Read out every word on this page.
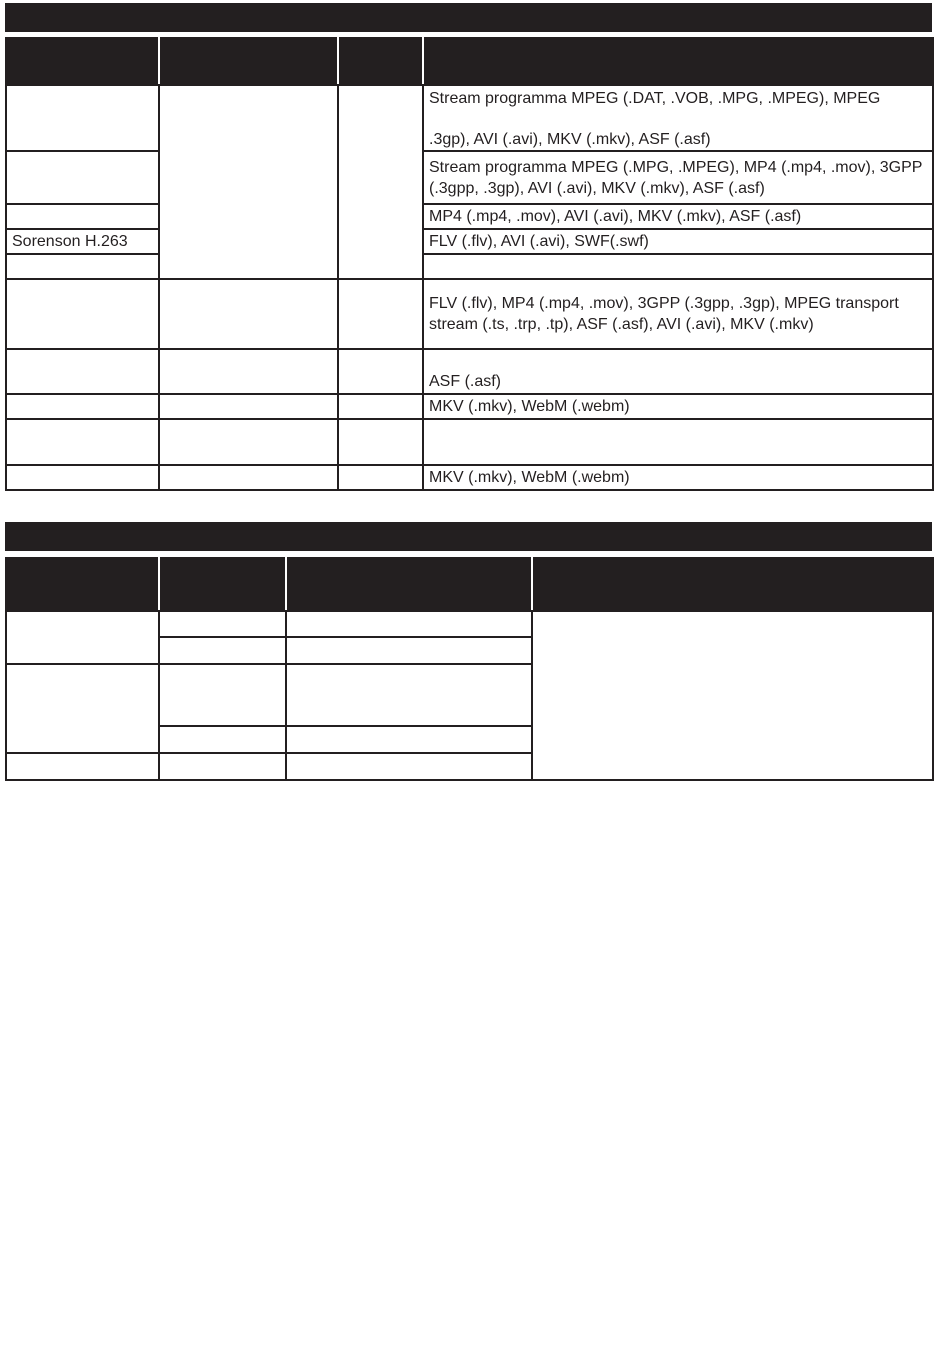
			Stream programma MPEG (.DAT, .VOB, .MPG, .MPEG), MPEG
.3gp), AVI (.avi), MKV (.mkv), ASF (.asf)

			Stream programma MPEG (.MPG, .MPEG), MP4 (.mp4, .mov), 3GPP (.3gpp, .3gp), AVI (.avi), MKV (.mkv), ASF (.asf)
			MP4 (.mp4, .mov), AVI (.avi), MKV (.mkv), ASF (.asf)
Sorenson H.263			FLV (.flv), AVI (.avi), SWF(.swf)

			FLV (.flv), MP4 (.mp4, .mov), 3GPP (.3gpp, .3gp), MPEG transport stream (.ts, .trp, .tp), ASF (.asf), AVI (.avi), MKV (.mkv)
			ASF (.asf)
			MKV (.mkv), WebM (.webm)

			MKV (.mkv), WebM (.webm)
